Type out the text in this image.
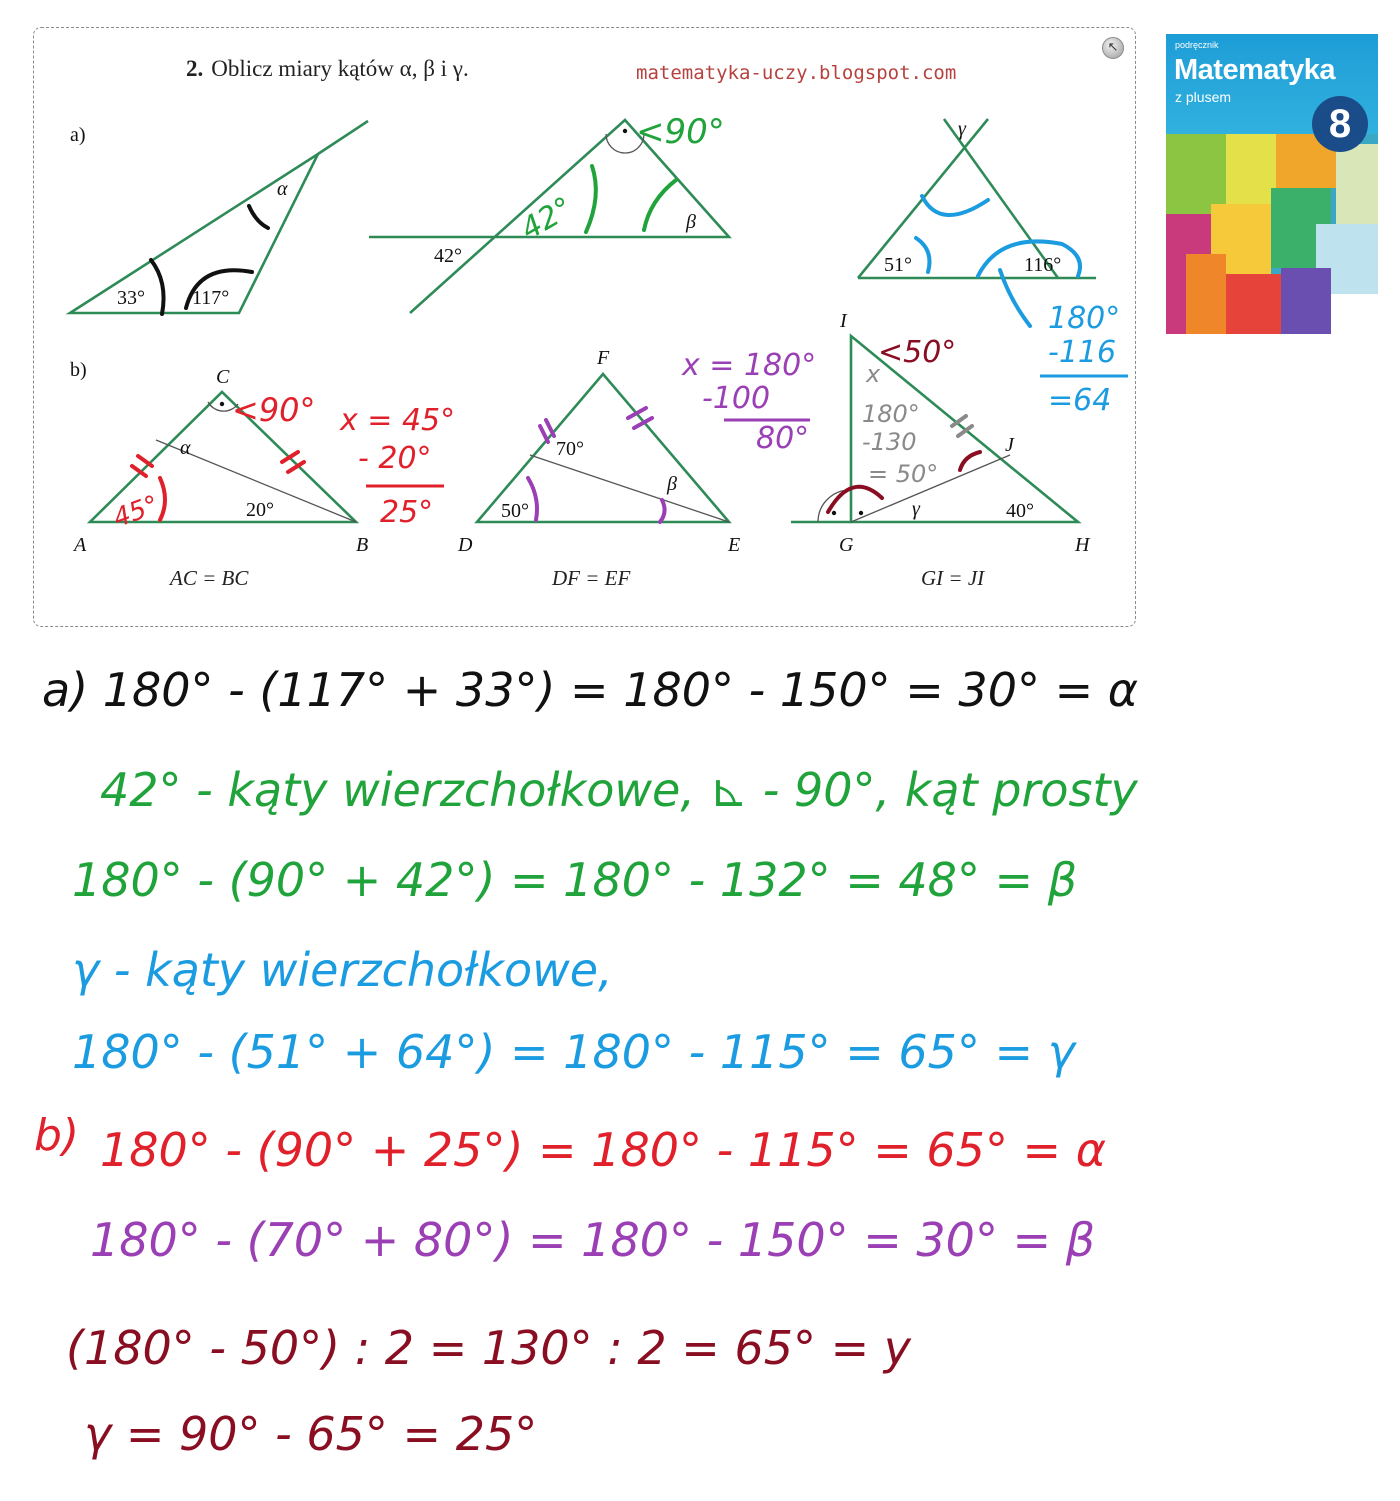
↖
2. Oblicz miary kątów α, β i γ.	matematyka-uczy.blogspot.com
a)
b)
33° 117°
α
42°
β
γ
51°	116°
C
A	B
α
20°
AC = BC
F
D	E
70°
50°
β
DF = EF
I
J
G	H
γ	40°
GI = JI
<90°
42°
180°
-116
=64
<90°
45°
x = 45°
- 20°
25°
x = 180°
-100
80°
<50°
x
180°
-130
= 50°
podręcznik
Matematyka
z plusem
8
a) 180° - (117° + 33°) = 180° - 150° = 30° = α
42° - kąty wierzchołkowe, ⊾ - 90°, kąt prosty
180° - (90° + 42°) = 180° - 132° = 48° = β
γ - kąty wierzchołkowe,
180° - (51° + 64°) = 180° - 115° = 65° = γ
b) 180° - (90° + 25°) = 180° - 115° = 65° = α
180° - (70° + 80°) = 180° - 150° = 30° = β
(180° - 50°) : 2 = 130° : 2 = 65° = y
γ = 90° - 65° = 25°
